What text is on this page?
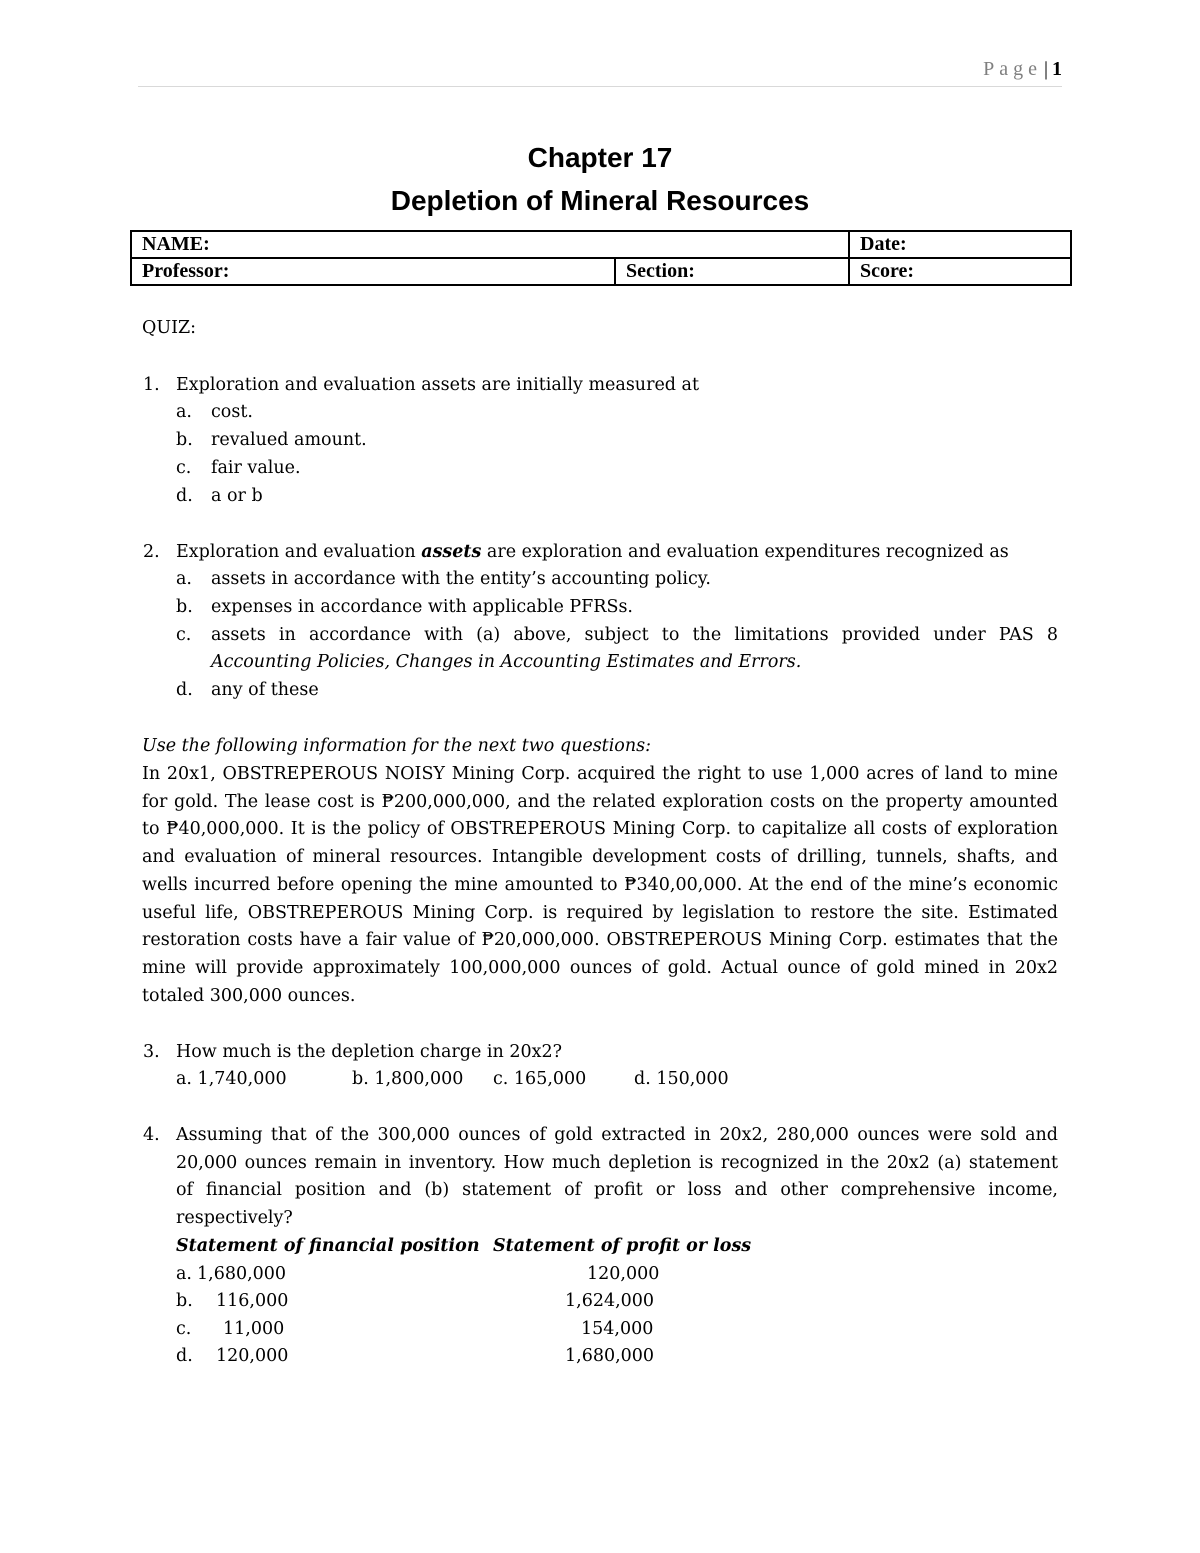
Page | 1
Chapter 17
Depletion of Mineral Resources
NAME:		Date:
Professor:	Section:	Score:
QUIZ:
1. Exploration and evaluation assets are initially measured at
a. cost.
b. revalued amount.
c. fair value.
d. a or b
2. Exploration and evaluation assets are exploration and evaluation expenditures recognized as
a. assets in accordance with the entity’s accounting policy.
b. expenses in accordance with applicable PFRSs.
c. assets in accordance with (a) above, subject to the limitations provided under PAS 8
Accounting Policies, Changes in Accounting Estimates and Errors.
d. any of these
Use the following information for the next two questions:
In 20x1, OBSTREPEROUS NOISY Mining Corp. acquired the right to use 1,000 acres of land to mine
for gold. The lease cost is ₱200,000,000, and the related exploration costs on the property amounted
to ₱40,000,000. It is the policy of OBSTREPEROUS Mining Corp. to capitalize all costs of exploration
and evaluation of mineral resources. Intangible development costs of drilling, tunnels, shafts, and
wells incurred before opening the mine amounted to ₱340,00,000. At the end of the mine’s economic
useful life, OBSTREPEROUS Mining Corp. is required by legislation to restore the site. Estimated
restoration costs have a fair value of ₱20,000,000. OBSTREPEROUS Mining Corp. estimates that the
mine will provide approximately 100,000,000 ounces of gold. Actual ounce of gold mined in 20x2
totaled 300,000 ounces.
3. How much is the depletion charge in 20x2?
a. 1,740,000	b. 1,800,000 c. 165,000	d. 150,000
4. Assuming that of the 300,000 ounces of gold extracted in 20x2, 280,000 ounces were sold and
20,000 ounces remain in inventory. How much depletion is recognized in the 20x2 (a) statement
of financial position and (b) statement of profit or loss and other comprehensive income,
respectively?
Statement of financial position Statement of profit or loss
a. 1,680,000	120,000
b. 116,000	1,624,000
c. 11,000	154,000
d. 120,000	1,680,000
